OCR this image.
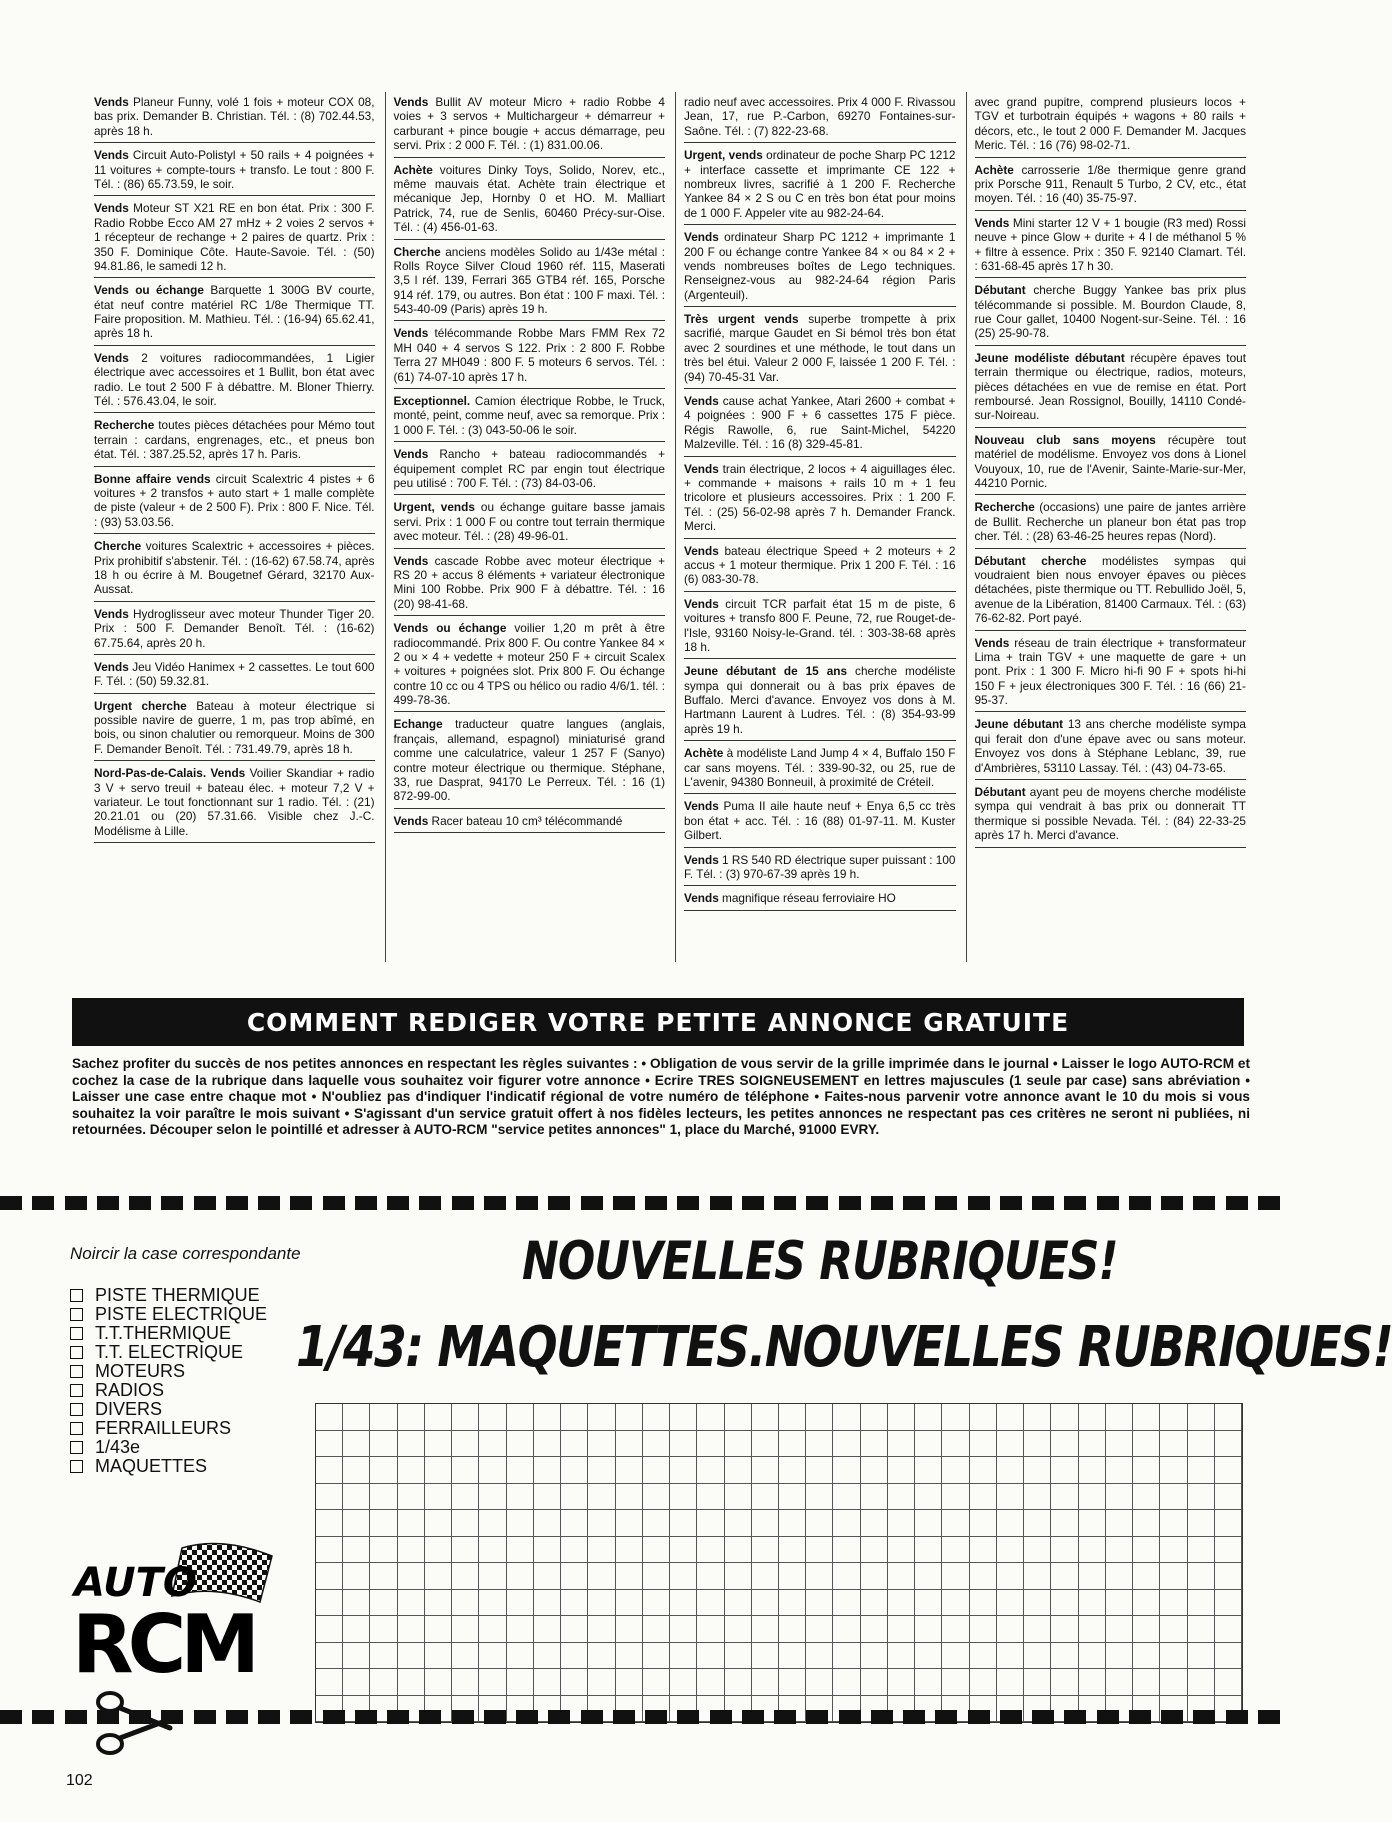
Vends Planeur Funny, volé 1 fois + moteur COX 08, bas prix. Demander B. Christian. Tél. : (8) 702.44.53, après 18 h.
Vends Circuit Auto-Polistyl + 50 rails + 4 poignées + 11 voitures + compte-tours + transfo. Le tout : 800 F. Tél. : (86) 65.73.59, le soir.
Vends Moteur ST X21 RE en bon état. Prix : 300 F. Radio Robbe Ecco AM 27 mHz + 2 voies 2 servos + 1 récepteur de rechange + 2 paires de quartz. Prix : 350 F. Dominique Côte. Haute-Savoie. Tél. : (50) 94.81.86, le samedi 12 h.
Vends ou échange Barquette 1 300G BV courte, état neuf contre matériel RC 1/8e Thermique TT. Faire proposition. M. Mathieu. Tél. : (16-94) 65.62.41, après 18 h.
Vends 2 voitures radiocommandées, 1 Ligier électrique avec accessoires et 1 Bullit, bon état avec radio. Le tout 2 500 F à débattre. M. Bloner Thierry. Tél. : 576.43.04, le soir.
Recherche toutes pièces détachées pour Mémo tout terrain : cardans, engrenages, etc., et pneus bon état. Tél. : 387.25.52, après 17 h. Paris.
Bonne affaire vends circuit Scalextric 4 pistes + 6 voitures + 2 transfos + auto start + 1 malle complète de piste (valeur + de 2 500 F). Prix : 800 F. Nice. Tél. : (93) 53.03.56.
Cherche voitures Scalextric + accessoires + pièces. Prix prohibitif s'abstenir. Tél. : (16-62) 67.58.74, après 18 h ou écrire à M. Bougetnef Gérard, 32170 Aux-Aussat.
Vends Hydroglisseur avec moteur Thunder Tiger 20. Prix : 500 F. Demander Benoît. Tél. : (16-62) 67.75.64, après 20 h.
Vends Jeu Vidéo Hanimex + 2 cassettes. Le tout 600 F. Tél. : (50) 59.32.81.
Urgent cherche Bateau à moteur électrique si possible navire de guerre, 1 m, pas trop abîmé, en bois, ou sinon chalutier ou remorqueur. Moins de 300 F. Demander Benoît. Tél. : 731.49.79, après 18 h.
Nord-Pas-de-Calais. Vends Voilier Skandiar + radio 3 V + servo treuil + bateau élec. + moteur 7,2 V + variateur. Le tout fonctionnant sur 1 radio. Tél. : (21) 20.21.01 ou (20) 57.31.66. Visible chez J.-C. Modélisme à Lille.
Vends Bullit AV moteur Micro + radio Robbe 4 voies + 3 servos + Multichargeur + démarreur + carburant + pince bougie + accus démarrage, peu servi. Prix : 2 000 F. Tél. : (1) 831.00.06.
Achète voitures Dinky Toys, Solido, Norev, etc., même mauvais état. Achète train électrique et mécanique Jep, Hornby 0 et HO. M. Malliart Patrick, 74, rue de Senlis, 60460 Précy-sur-Oise. Tél. : (4) 456-01-63.
Cherche anciens modèles Solido au 1/43e métal : Rolls Royce Silver Cloud 1960 réf. 115, Maserati 3,5 l réf. 139, Ferrari 365 GTB4 réf. 165, Porsche 914 réf. 179, ou autres. Bon état : 100 F maxi. Tél. : 543-40-09 (Paris) après 19 h.
Vends télécommande Robbe Mars FMM Rex 72 MH 040 + 4 servos S 122. Prix : 2 800 F. Robbe Terra 27 MH049 : 800 F. 5 moteurs 6 servos. Tél. : (61) 74-07-10 après 17 h.
Exceptionnel. Camion électrique Robbe, le Truck, monté, peint, comme neuf, avec sa remorque. Prix : 1 000 F. Tél. : (3) 043-50-06 le soir.
Vends Rancho + bateau radiocommandés + équipement complet RC par engin tout électrique peu utilisé : 700 F. Tél. : (73) 84-03-06.
Urgent, vends ou échange guitare basse jamais servi. Prix : 1 000 F ou contre tout terrain thermique avec moteur. Tél. : (28) 49-96-01.
Vends cascade Robbe avec moteur électrique + RS 20 + accus 8 éléments + variateur électronique Mini 100 Robbe. Prix 900 F à débattre. Tél. : 16 (20) 98-41-68.
Vends ou échange voilier 1,20 m prêt à être radiocommandé. Prix 800 F. Ou contre Yankee 84 × 2 ou × 4 + vedette + moteur 250 F + circuit Scalex + voitures + poignées slot. Prix 800 F. Ou échange contre 10 cc ou 4 TPS ou hélico ou radio 4/6/1. tél. : 499-78-36.
Echange traducteur quatre langues (anglais, français, allemand, espagnol) miniaturisé grand comme une calculatrice, valeur 1 257 F (Sanyo) contre moteur électrique ou thermique. Stéphane, 33, rue Dasprat, 94170 Le Perreux. Tél. : 16 (1) 872-99-00.
Vends Racer bateau 10 cm³ télécommandé
radio neuf avec accessoires. Prix 4 000 F. Rivassou Jean, 17, rue P.-Carbon, 69270 Fontaines-sur-Saône. Tél. : (7) 822-23-68.
Urgent, vends ordinateur de poche Sharp PC 1212 + interface cassette et imprimante CE 122 + nombreux livres, sacrifié à 1 200 F. Recherche Yankee 84 × 2 S ou C en très bon état pour moins de 1 000 F. Appeler vite au 982-24-64.
Vends ordinateur Sharp PC 1212 + imprimante 1 200 F ou échange contre Yankee 84 × ou 84 × 2 + vends nombreuses boîtes de Lego techniques. Renseignez-vous au 982-24-64 région Paris (Argenteuil).
Très urgent vends superbe trompette à prix sacrifié, marque Gaudet en Si bémol très bon état avec 2 sourdines et une méthode, le tout dans un très bel étui. Valeur 2 000 F, laissée 1 200 F. Tél. : (94) 70-45-31 Var.
Vends cause achat Yankee, Atari 2600 + combat + 4 poignées : 900 F + 6 cassettes 175 F pièce. Régis Rawolle, 6, rue Saint-Michel, 54220 Malzeville. Tél. : 16 (8) 329-45-81.
Vends train électrique, 2 locos + 4 aiguillages élec. + commande + maisons + rails 10 m + 1 feu tricolore et plusieurs accessoires. Prix : 1 200 F. Tél. : (25) 56-02-98 après 7 h. Demander Franck. Merci.
Vends bateau électrique Speed + 2 moteurs + 2 accus + 1 moteur thermique. Prix 1 200 F. Tél. : 16 (6) 083-30-78.
Vends circuit TCR parfait état 15 m de piste, 6 voitures + transfo 800 F. Peune, 72, rue Rouget-de-l'Isle, 93160 Noisy-le-Grand. tél. : 303-38-68 après 18 h.
Jeune débutant de 15 ans cherche modéliste sympa qui donnerait ou à bas prix épaves de Buffalo. Merci d'avance. Envoyez vos dons à M. Hartmann Laurent à Ludres. Tél. : (8) 354-93-99 après 19 h.
Achète à modéliste Land Jump 4 × 4, Buffalo 150 F car sans moyens. Tél. : 339-90-32, ou 25, rue de L'avenir, 94380 Bonneuil, à proximité de Créteil.
Vends Puma II aile haute neuf + Enya 6,5 cc très bon état + acc. Tél. : 16 (88) 01-97-11. M. Kuster Gilbert.
Vends 1 RS 540 RD électrique super puissant : 100 F. Tél. : (3) 970-67-39 après 19 h.
Vends magnifique réseau ferroviaire HO
avec grand pupitre, comprend plusieurs locos + TGV et turbotrain équipés + wagons + 80 rails + décors, etc., le tout 2 000 F. Demander M. Jacques Meric. Tél. : 16 (76) 98-02-71.
Achète carrosserie 1/8e thermique genre grand prix Porsche 911, Renault 5 Turbo, 2 CV, etc., état moyen. Tél. : 16 (40) 35-75-97.
Vends Mini starter 12 V + 1 bougie (R3 med) Rossi neuve + pince Glow + durite + 4 l de méthanol 5 % + filtre à essence. Prix : 350 F. 92140 Clamart. Tél. : 631-68-45 après 17 h 30.
Débutant cherche Buggy Yankee bas prix plus télécommande si possible. M. Bourdon Claude, 8, rue Cour gallet, 10400 Nogent-sur-Seine. Tél. : 16 (25) 25-90-78.
Jeune modéliste débutant récupère épaves tout terrain thermique ou électrique, radios, moteurs, pièces détachées en vue de remise en état. Port remboursé. Jean Rossignol, Bouilly, 14110 Condé-sur-Noireau.
Nouveau club sans moyens récupère tout matériel de modélisme. Envoyez vos dons à Lionel Vouyoux, 10, rue de l'Avenir, Sainte-Marie-sur-Mer, 44210 Pornic.
Recherche (occasions) une paire de jantes arrière de Bullit. Recherche un planeur bon état pas trop cher. Tél. : (28) 63-46-25 heures repas (Nord).
Débutant cherche modélistes sympas qui voudraient bien nous envoyer épaves ou pièces détachées, piste thermique ou TT. Rebullido Joël, 5, avenue de la Libération, 81400 Carmaux. Tél. : (63) 76-62-82. Port payé.
Vends réseau de train électrique + transformateur Lima + train TGV + une maquette de gare + un pont. Prix : 1 300 F. Micro hi-fi 90 F + spots hi-hi 150 F + jeux électroniques 300 F. Tél. : 16 (66) 21-95-37.
Jeune débutant 13 ans cherche modéliste sympa qui ferait don d'une épave avec ou sans moteur. Envoyez vos dons à Stéphane Leblanc, 39, rue d'Ambrières, 53110 Lassay. Tél. : (43) 04-73-65.
Débutant ayant peu de moyens cherche modéliste sympa qui vendrait à bas prix ou donnerait TT thermique si possible Nevada. Tél. : (84) 22-33-25 après 17 h. Merci d'avance.
COMMENT REDIGER VOTRE PETITE ANNONCE GRATUITE
Sachez profiter du succès de nos petites annonces en respectant les règles suivantes : • Obligation de vous servir de la grille imprimée dans le journal • Laisser le logo AUTO-RCM et cochez la case de la rubrique dans laquelle vous souhaitez voir figurer votre annonce • Ecrire TRES SOIGNEUSEMENT en lettres majuscules (1 seule par case) sans abréviation • Laisser une case entre chaque mot • N'oubliez pas d'indiquer l'indicatif régional de votre numéro de téléphone • Faites-nous parvenir votre annonce avant le 10 du mois si vous souhaitez la voir paraître le mois suivant • S'agissant d'un service gratuit offert à nos fidèles lecteurs, les petites annonces ne respectant pas ces critères ne seront ni publiées, ni retournées. Découper selon le pointillé et adresser à AUTO-RCM "service petites annonces" 1, place du Marché, 91000 EVRY.
Noircir la case correspondante
PISTE THERMIQUE
PISTE ELECTRIQUE
T.T.THERMIQUE
T.T. ELECTRIQUE
MOTEURS
RADIOS
DIVERS
FERRAILLEURS
1/43e
MAQUETTES
NOUVELLES RUBRIQUES!
1/43: MAQUETTES.NOUVELLES RUBRIQUES!
AUTO
RCM
102
